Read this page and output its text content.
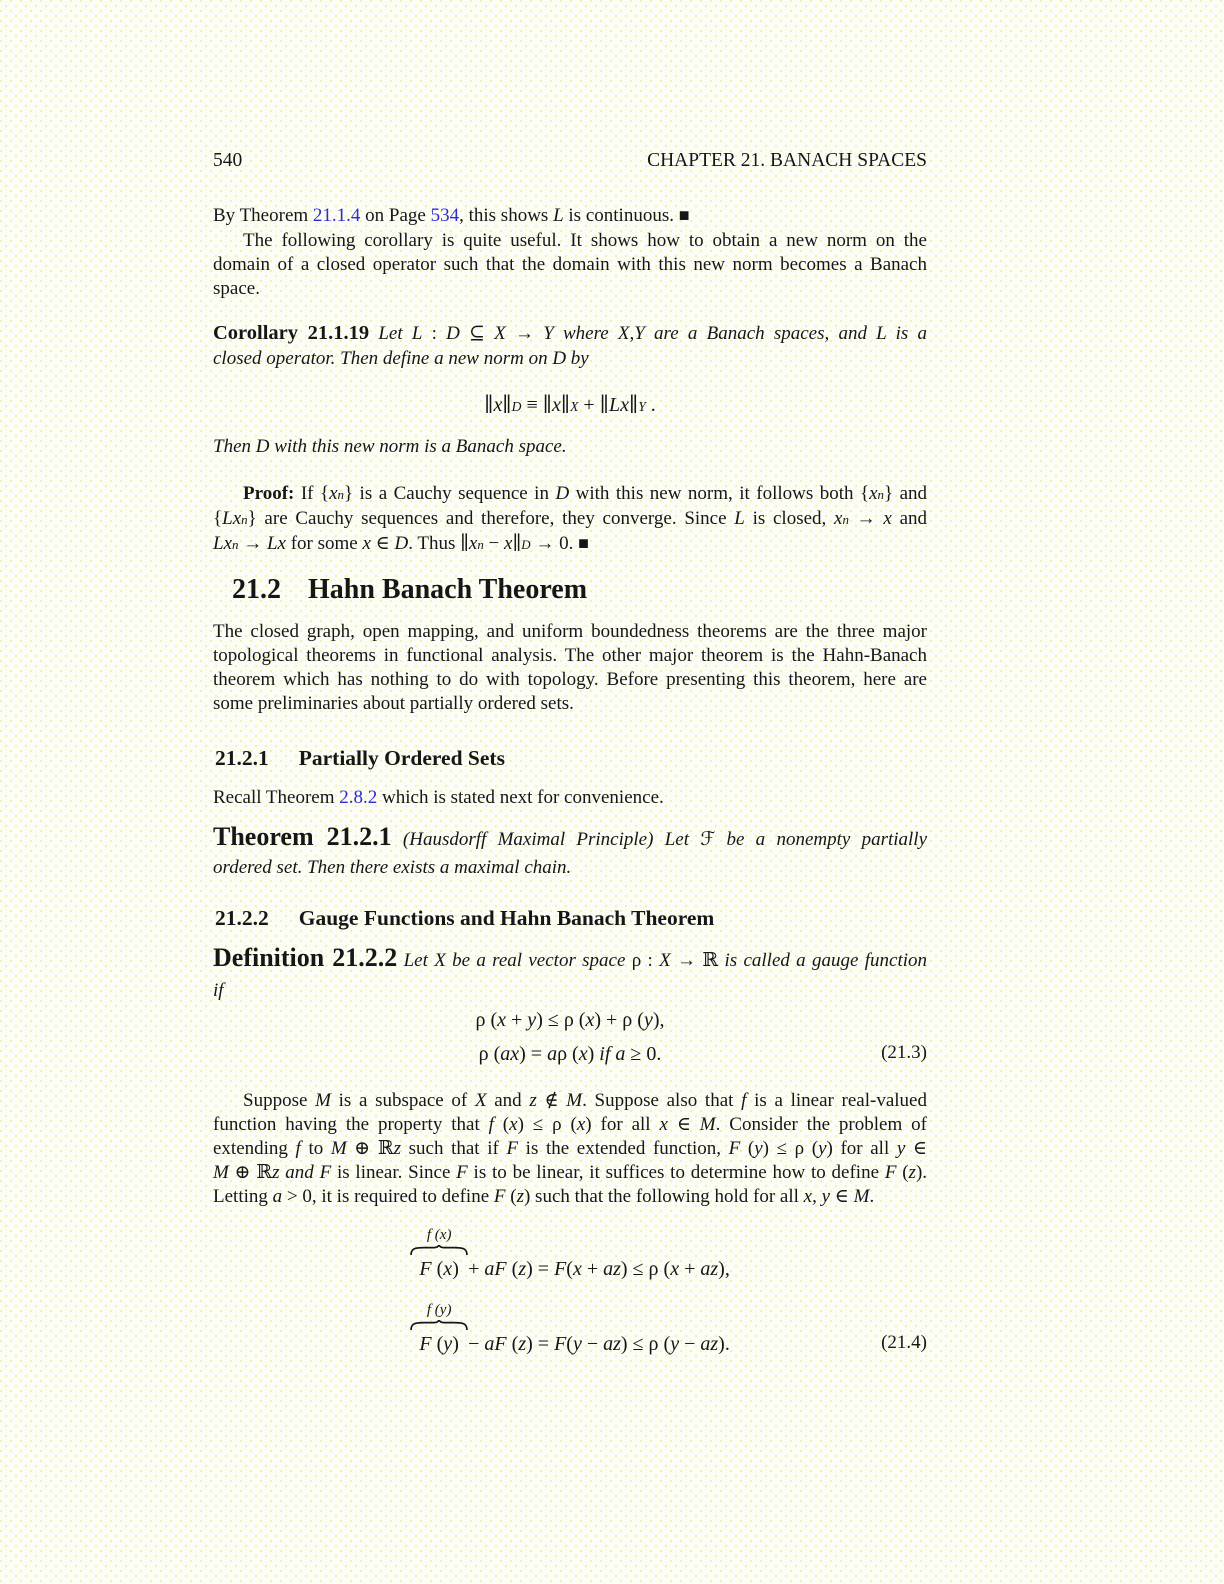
540	CHAPTER 21. BANACH SPACES
By Theorem 21.1.4 on Page 534, this shows L is continuous. ■
The following corollary is quite useful. It shows how to obtain a new norm on the
domain of a closed operator such that the domain with this new norm becomes a Banach
space.
Corollary 21.1.19 Let L : D ⊆ X → Y where X,Y are a Banach spaces, and L is a
closed operator. Then define a new norm on D by
$\parallel x\parallel_D$ ≡ $\parallel x\parallel_X$ + $\parallel Lx\parallel_Y$ .
Then D with this new norm is a Banach space.
Proof: If $\{x_n\}$ is a Cauchy sequence in D with this new norm, it follows both $\{x_n\}$ and
$\{Lx_n\}$ are Cauchy sequences and therefore, they converge. Since L is closed, $x_n \to x$ and
$Lx_n \to Lx$ for some x ∈ D. Thus $\parallel x_n$ − $x\parallel_D \to 0$. ■
21.2 Hahn Banach Theorem
The closed graph, open mapping, and uniform boundedness theorems are the three major
topological theorems in functional analysis. The other major theorem is the Hahn-Banach
theorem which has nothing to do with topology. Before presenting this theorem, here are
some preliminaries about partially ordered sets.
21.2.1 Partially Ordered Sets
Recall Theorem 2.8.2 which is stated next for convenience.
Theorem 21.2.1 (Hausdorff Maximal Principle) Let ℱ be a nonempty partially
ordered set. Then there exists a maximal chain.
21.2.2 Gauge Functions and Hahn Banach Theorem
Definition 21.2.2 Let X be a real vector space ρ : X → ℝ is called a gauge function
if
ρ (x + y) ≤ ρ (x) + ρ (y),
ρ (ax) = aρ (x) if a ≥ 0.	(21.3)
Suppose M is a subspace of X and z ∉ M. Suppose also that f is a linear real-valued
function having the property that f (x) ≤ ρ (x) for all x ∈ M. Consider the problem of
extending f to M ⊕ ℝz such that if F is the extended function, F (y) ≤ ρ (y) for all y ∈
M ⊕ ℝz and F is linear. Since F is to be linear, it suffices to determine how to define F (z).
Letting a > 0, it is required to define F (z) such that the following hold for all x, y ∈ M.
f (x)
F (x) + aF (z) = F(x + az) ≤ ρ (x + az),
f (y)
F (y) − aF (z) = F(y − az) ≤ ρ (y − az).	(21.4)
